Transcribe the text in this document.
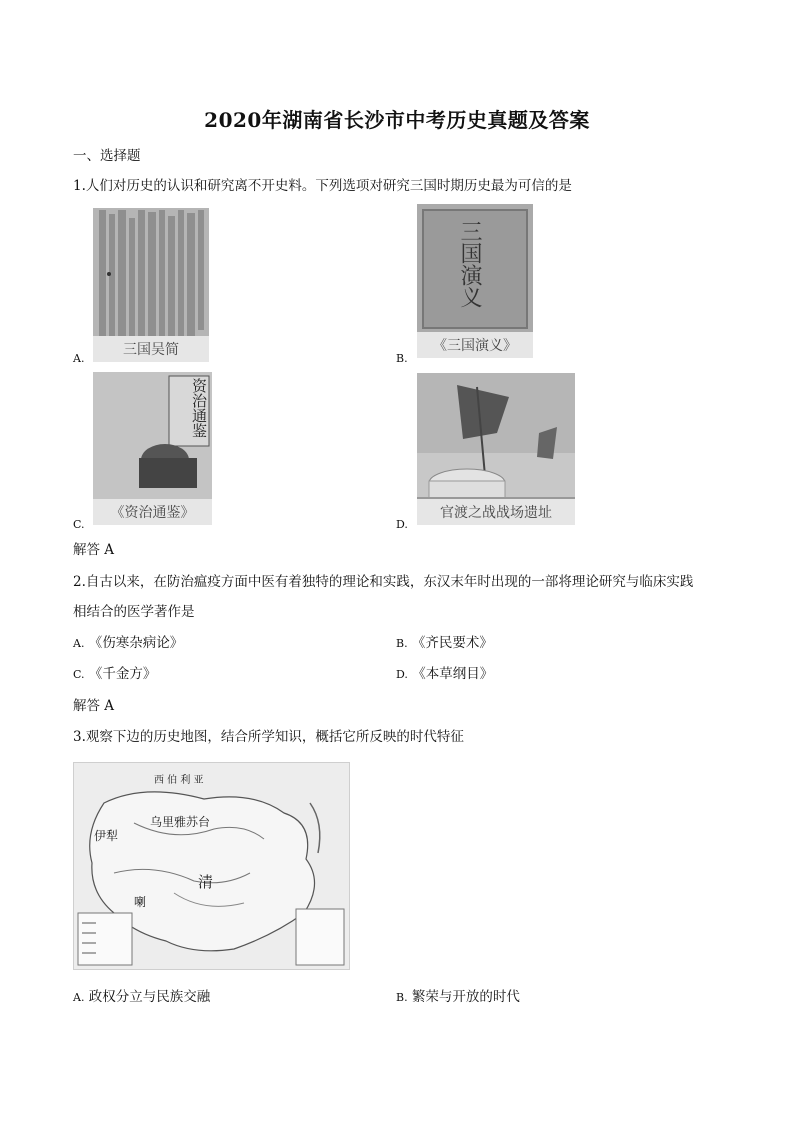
2020年湖南省长沙市中考历史真题及答案
一、选择题
1.人们对历史的认识和研究离不开史料。下列选项对研究三国时期历史最为可信的是
A.
三国吴简
B.
三国演义
《三国演义》
C.
资治通鉴
《资治通鉴》
D.
官渡之战战场遗址
解答 A
2.自古以来，在防治瘟疫方面中医有着独特的理论和实践，东汉末年时出现的一部将理论研究与临床实践
相结合的医学著作是
A. 《伤寒杂病论》	B. 《齐民要术》
C. 《千金方》	D. 《本草纲目》
解答 A
3.观察下边的历史地图，结合所学知识，概括它所反映的时代特征
西 伯 利 亚
乌里雅苏台
伊犁
清
喇
A. 政权分立与民族交融	B. 繁荣与开放的时代
